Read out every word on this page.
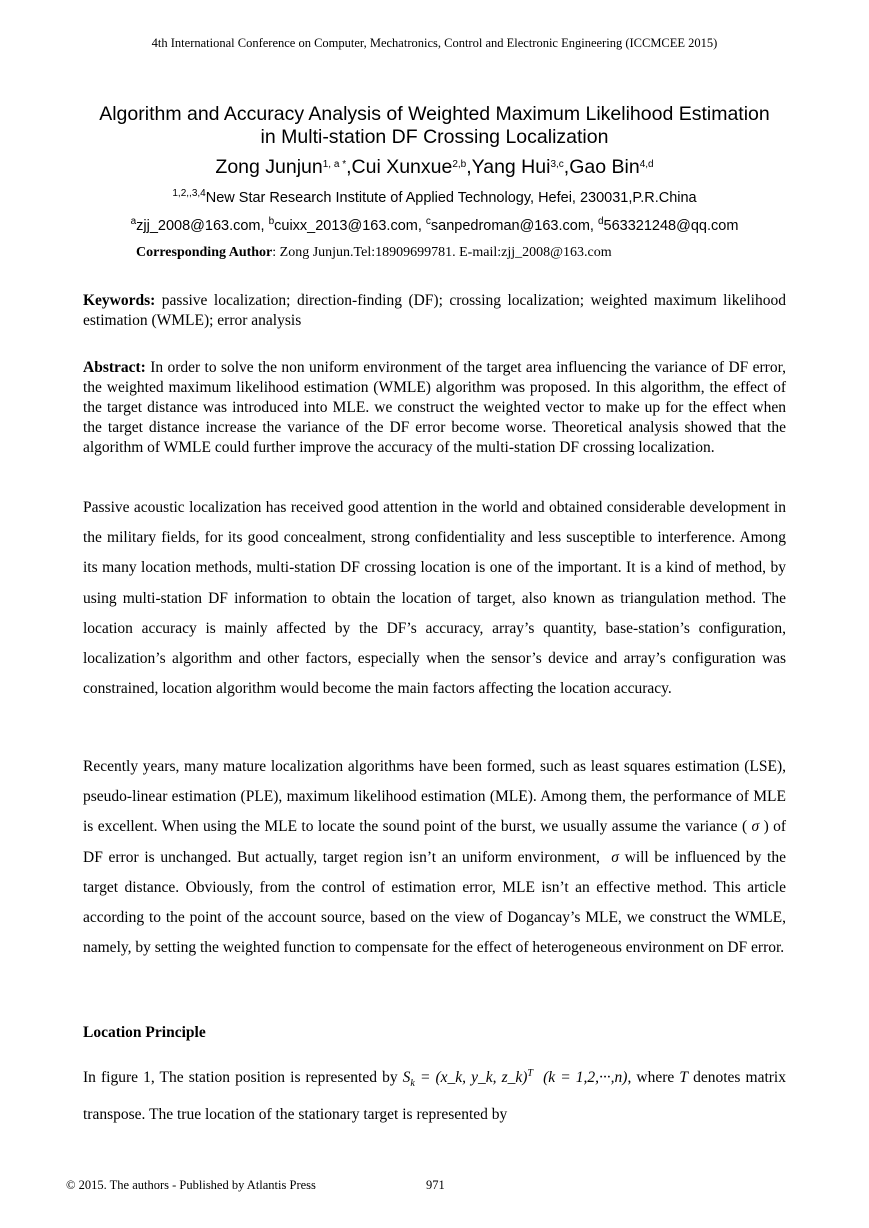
4th International Conference on Computer, Mechatronics, Control and Electronic Engineering (ICCMCEE 2015)
Algorithm and Accuracy Analysis of Weighted Maximum Likelihood Estimation
in Multi-station DF Crossing Localization
Zong Junjun$^{1, a *}$,Cui Xunxue$^{2,b}$,Yang Hui$^{3,c}$,Gao Bin$^{4,d}$
$^{1,2,,3,4}$New Star Research Institute of Applied Technology, Hefei, 230031,P.R.China
$^a$zjj_2008@163.com, $^b$cuixx_2013@163.com, $^c$sanpedroman@163.com, $^d$563321248@qq.com
Corresponding Author: Zong Junjun.Tel:18909699781. E-mail:zjj_2008@163.com
Keywords: passive localization; direction-finding (DF); crossing localization; weighted maximum likelihood estimation (WMLE); error analysis
Abstract: In order to solve the non uniform environment of the target area influencing the variance of DF error, the weighted maximum likelihood estimation (WMLE) algorithm was proposed. In this algorithm, the effect of the target distance was introduced into MLE. we construct the weighted vector to make up for the effect when the target distance increase the variance of the DF error become worse. Theoretical analysis showed that the algorithm of WMLE could further improve the accuracy of the multi-station DF crossing localization.
Passive acoustic localization has received good attention in the world and obtained considerable development in the military fields, for its good concealment, strong confidentiality and less susceptible to interference. Among its many location methods, multi-station DF crossing location is one of the important. It is a kind of method, by using multi-station DF information to obtain the location of target, also known as triangulation method. The location accuracy is mainly affected by the DF’s accuracy, array’s quantity, base-station’s configuration, localization’s algorithm and other factors, especially when the sensor’s device and array’s configuration was constrained, location algorithm would become the main factors affecting the location accuracy.
Recently years, many mature localization algorithms have been formed, such as least squares estimation (LSE), pseudo-linear estimation (PLE), maximum likelihood estimation (MLE). Among them, the performance of MLE is excellent. When using the MLE to locate the sound point of the burst, we usually assume the variance ( σ ) of DF error is unchanged. But actually, target region isn’t an uniform environment, σ will be influenced by the target distance. Obviously, from the control of estimation error, MLE isn’t an effective method. This article according to the point of the account source, based on the view of Dogancay’s MLE, we construct the WMLE, namely, by setting the weighted function to compensate for the effect of heterogeneous environment on DF error.
Location Principle
In figure 1, The station position is represented by $S_k$ = (x_k, y_k, z_k)$^T$ (k = 1,2,···,n), where T denotes matrix transpose. The true location of the stationary target is represented by
© 2015. The authors - Published by Atlantis Press	971
